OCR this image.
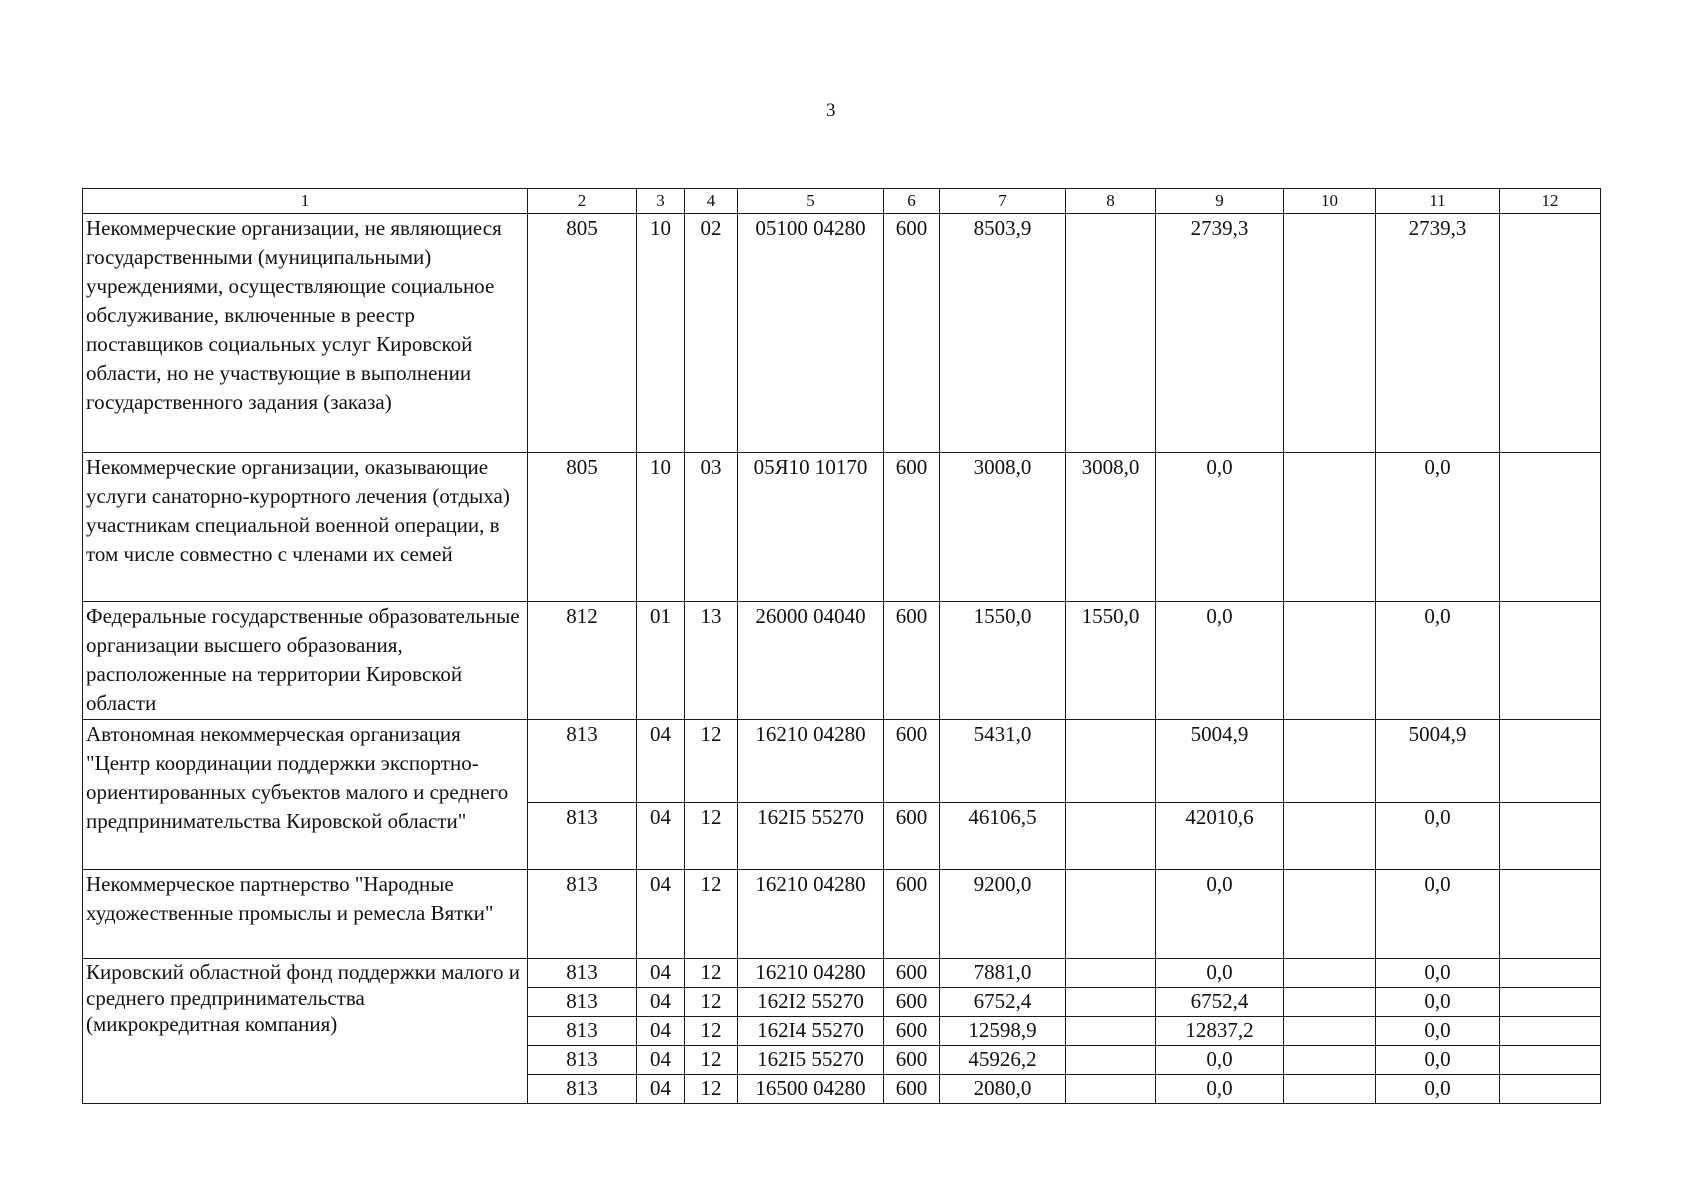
3
1	2	3	4	5	6	7	8	9	10	11	12
Некоммерческие организации, не являющиеся государственными (муниципальными) учреждениями, осуществляющие социальное обслуживание, включенные в реестр поставщиков социальных услуг Кировской области, но не участвующие в выполнении государственного задания (заказа)	805	10	02	05100 04280	600	8503,9		2739,3		2739,3	
Некоммерческие организации, оказывающие услуги санаторно-курортного лечения (отдыха) участникам специальной военной операции, в том числе совместно с членами их семей	805	10	03	05Я10 10170	600	3008,0	3008,0	0,0		0,0	
Федеральные государственные образовательные организации высшего образования, расположенные на территории Кировской области	812	01	13	26000 04040	600	1550,0	1550,0	0,0		0,0	
Автономная некоммерческая организация "Центр координации поддержки экспортно-ориентированных субъектов малого и среднего предпринимательства Кировской области"	813	04	12	16210 04280	600	5431,0		5004,9		5004,9	
	813	04	12	162I5 55270	600	46106,5		42010,6		0,0	
Некоммерческое партнерство "Народные художественные промыслы и ремесла Вятки"	813	04	12	16210 04280	600	9200,0		0,0		0,0	
Кировский областной фонд поддержки малого и среднего предпринимательства (микрокредитная компания)	813	04	12	16210 04280	600	7881,0		0,0		0,0	
	813	04	12	162I2 55270	600	6752,4		6752,4		0,0	
	813	04	12	162I4 55270	600	12598,9		12837,2		0,0	
	813	04	12	162I5 55270	600	45926,2		0,0		0,0	
	813	04	12	16500 04280	600	2080,0		0,0		0,0	
